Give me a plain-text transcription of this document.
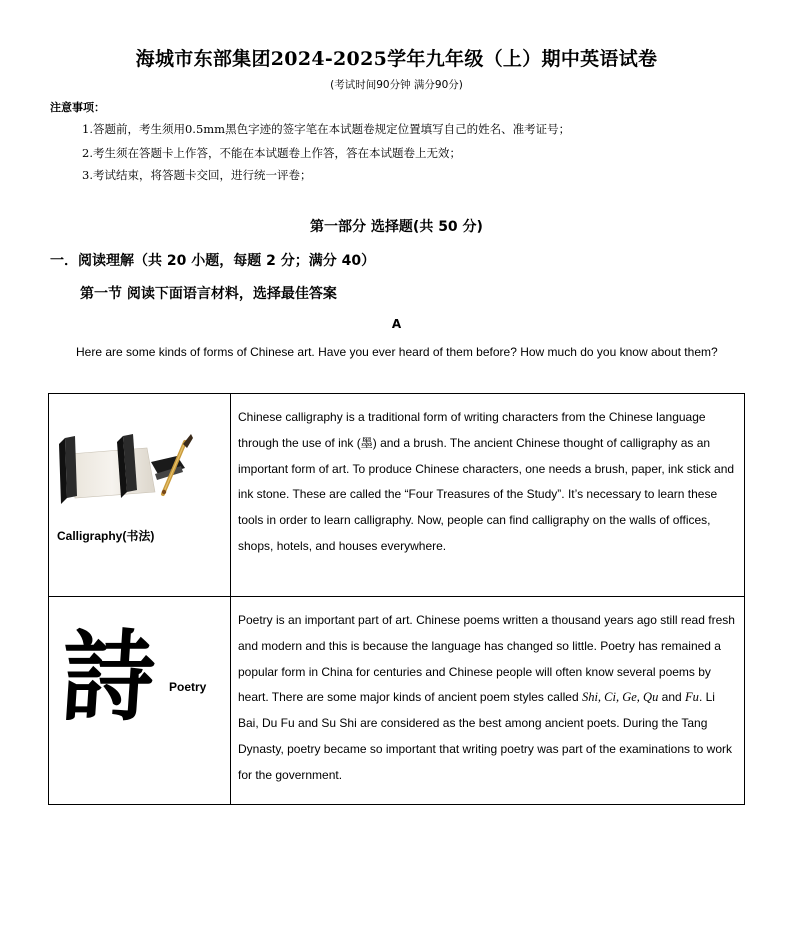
海城市东部集团2024-2025学年九年级（上）期中英语试卷
(考试时间90分钟 满分90分)
注意事项：
1.答题前，考生须用0.5mm黑色字迹的签字笔在本试题卷规定位置填写自己的姓名、准考证号；
2.考生须在答题卡上作答，不能在本试题卷上作答，答在本试题卷上无效；
3.考试结束，将答题卡交回，进行统一评卷；
第一部分 选择题(共 50 分)
一．阅读理解（共 20 小题，每题 2 分；满分 40）
第一节 阅读下面语言材料，选择最佳答案
A
Here are some kinds of forms of Chinese art. Have you ever heard of them before? How much do you know about them?
Calligraphy(书法)	Chinese calligraphy is a traditional form of writing characters from the Chinese language through the use of ink (墨) and a brush. The ancient Chinese thought of calligraphy as an important form of art. To produce Chinese characters, one needs a brush, paper, ink stick and ink stone. These are called the “Four Treasures of the Study”. It’s necessary to learn these tools in order to learn calligraphy. Now, people can find calligraphy on the walls of offices, shops, hotels, and houses everywhere.

詩 Poetry	Poetry is an important part of art. Chinese poems written a thousand years ago still read fresh and modern and this is because the language has changed so little. Poetry has remained a popular form in China for centuries and Chinese people will often know several poems by heart. There are some major kinds of ancient poem styles called Shi, Ci, Ge, Qu and Fu. Li Bai, Du Fu and Su Shi are considered as the best among ancient poets. During the Tang Dynasty, poetry became so important that writing poetry was part of the examinations to work for the government.
